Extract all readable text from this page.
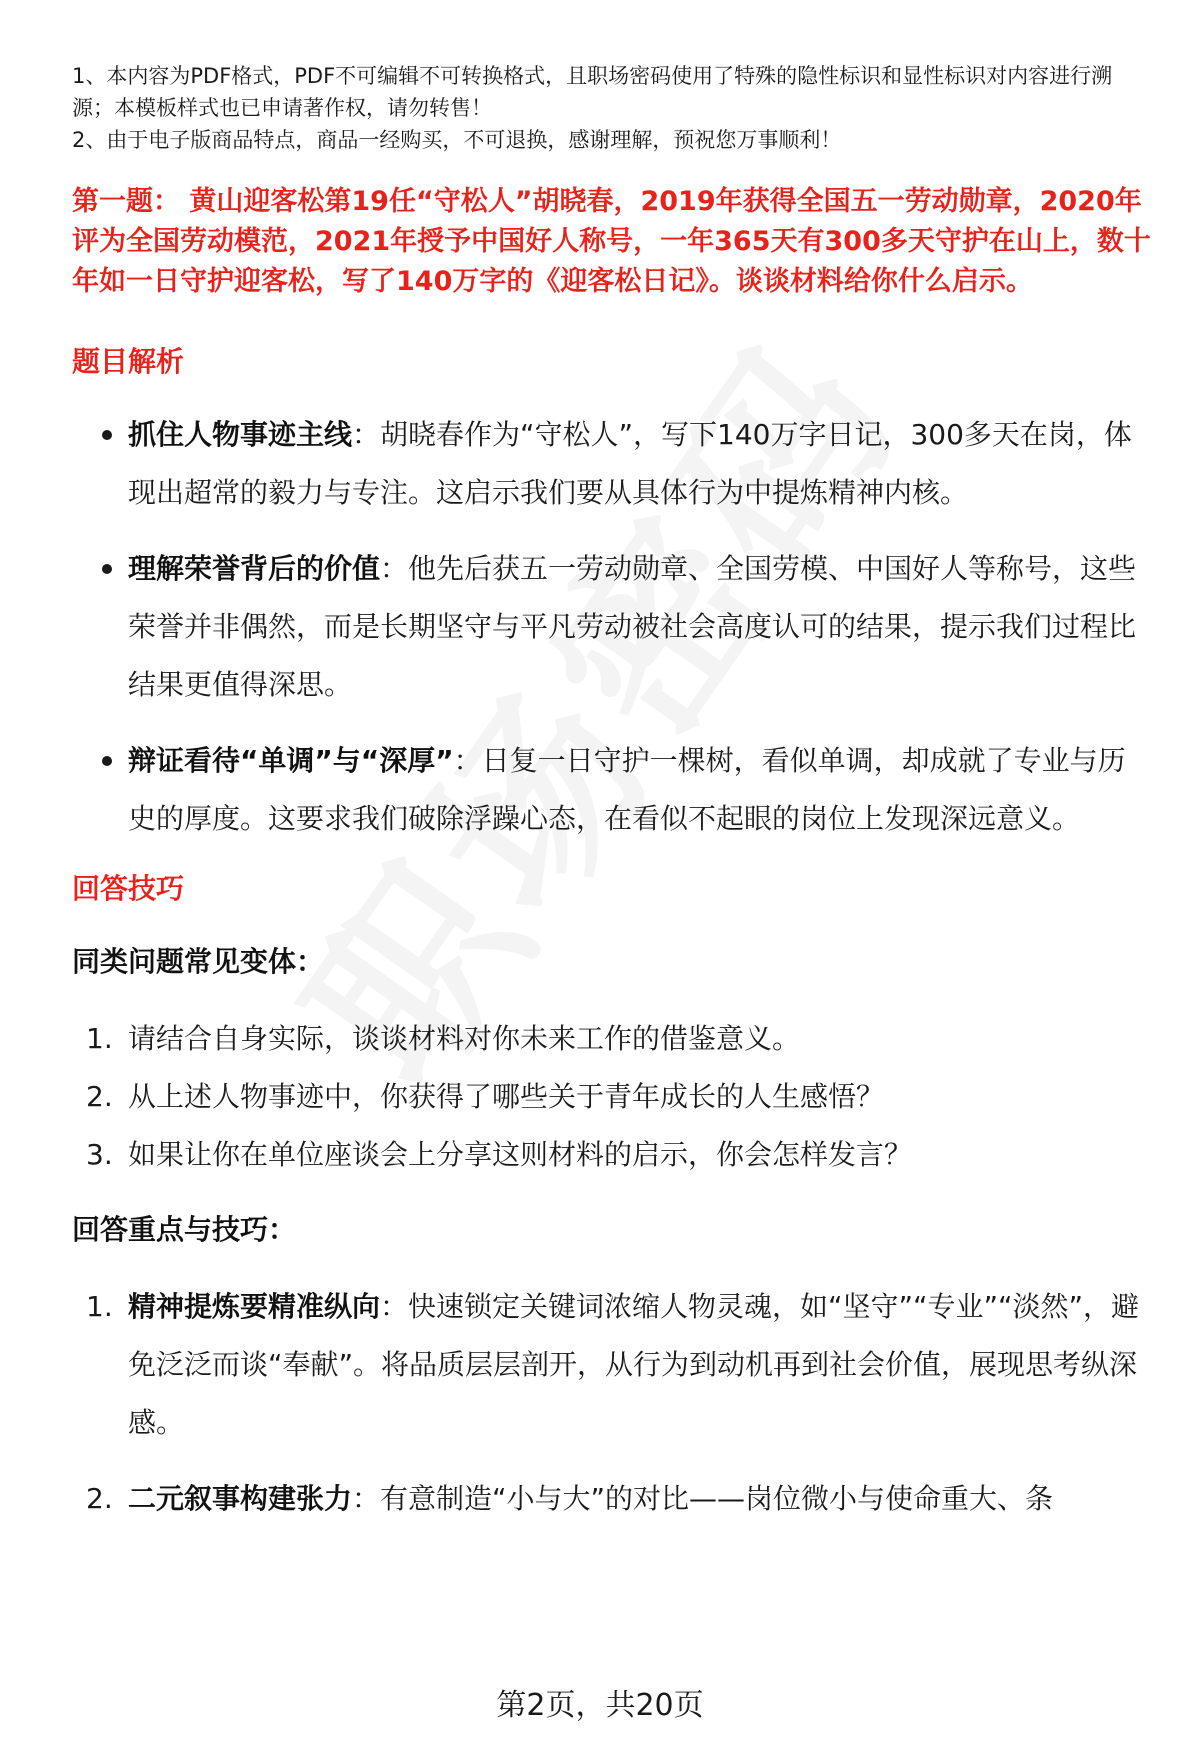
1、本内容为PDF格式，PDF不可编辑不可转换格式，且职场密码使用了特殊的隐性标识和显性标识对内容进行溯源；本模板样式也已申请著作权，请勿转售！
2、由于电子版商品特点，商品一经购买，不可退换，感谢理解，预祝您万事顺利！
第一题： 黄山迎客松第19任“守松人”胡晓春，2019年获得全国五一劳动勋章，2020年评为全国劳动模范，2021年授予中国好人称号，一年365天有300多天守护在山上，数十年如一日守护迎客松，写了140万字的《迎客松日记》。谈谈材料给你什么启示。
题目解析
抓住人物事迹主线：胡晓春作为“守松人”，写下140万字日记，300多天在岗，体现出超常的毅力与专注。这启示我们要从具体行为中提炼精神内核。
理解荣誉背后的价值：他先后获五一劳动勋章、全国劳模、中国好人等称号，这些荣誉并非偶然，而是长期坚守与平凡劳动被社会高度认可的结果，提示我们过程比结果更值得深思。
辩证看待“单调”与“深厚”：日复一日守护一棵树，看似单调，却成就了专业与历史的厚度。这要求我们破除浮躁心态，在看似不起眼的岗位上发现深远意义。
回答技巧
同类问题常见变体：
1. 请结合自身实际，谈谈材料对你未来工作的借鉴意义。
2. 从上述人物事迹中，你获得了哪些关于青年成长的人生感悟？
3. 如果让你在单位座谈会上分享这则材料的启示，你会怎样发言？
回答重点与技巧：
1. 精神提炼要精准纵向：快速锁定关键词浓缩人物灵魂，如“坚守”“专业”“淡然”，避免泛泛而谈“奉献”。将品质层层剖开，从行为到动机再到社会价值，展现思考纵深感。
2. 二元叙事构建张力：有意制造“小与大”的对比——岗位微小与使命重大、条
第2页，共20页
